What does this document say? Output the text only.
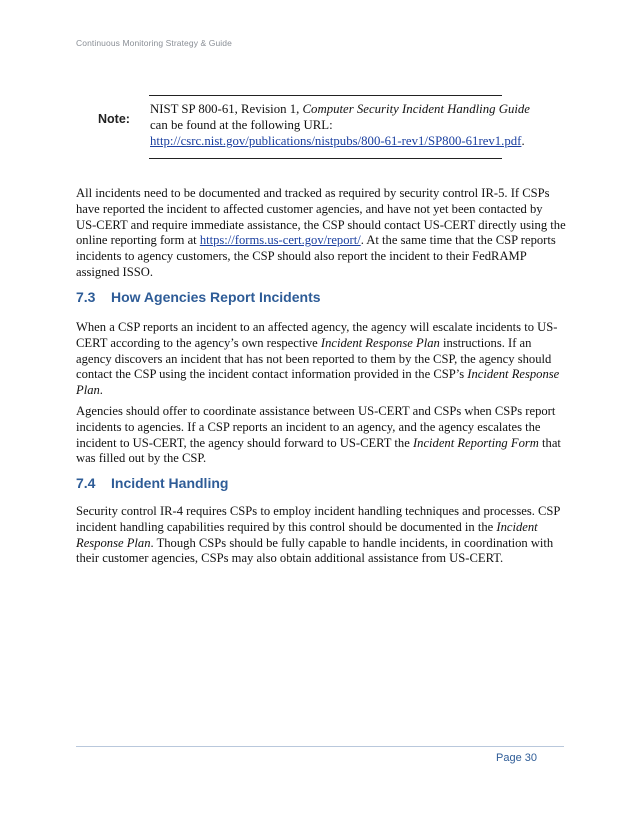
Continuous Monitoring Strategy & Guide
Note:
NIST SP 800-61, Revision 1, Computer Security Incident Handling Guide
can be found at the following URL:
http://csrc.nist.gov/publications/nistpubs/800-61-rev1/SP800-61rev1.pdf.

All incidents need to be documented and tracked as required by security control IR-5. If CSPs have reported the incident to affected customer agencies, and have not yet been contacted by US-CERT and require immediate assistance, the CSP should contact US-CERT directly using the online reporting form at https://forms.us-cert.gov/report/. At the same time that the CSP reports incidents to agency customers, the CSP should also report the incident to their FedRAMP assigned ISSO.

7.3 How Agencies Report Incidents

When a CSP reports an incident to an affected agency, the agency will escalate incidents to US-CERT according to the agency’s own respective Incident Response Plan instructions. If an agency discovers an incident that has not been reported to them by the CSP, the agency should contact the CSP using the incident contact information provided in the CSP’s Incident Response Plan.

Agencies should offer to coordinate assistance between US-CERT and CSPs when CSPs report incidents to agencies. If a CSP reports an incident to an agency, and the agency escalates the incident to US-CERT, the agency should forward to US-CERT the Incident Reporting Form that was filled out by the CSP.

7.4 Incident Handling

Security control IR-4 requires CSPs to employ incident handling techniques and processes. CSP incident handling capabilities required by this control should be documented in the Incident Response Plan. Though CSPs should be fully capable to handle incidents, in coordination with their customer agencies, CSPs may also obtain additional assistance from US-CERT.

Page 30
